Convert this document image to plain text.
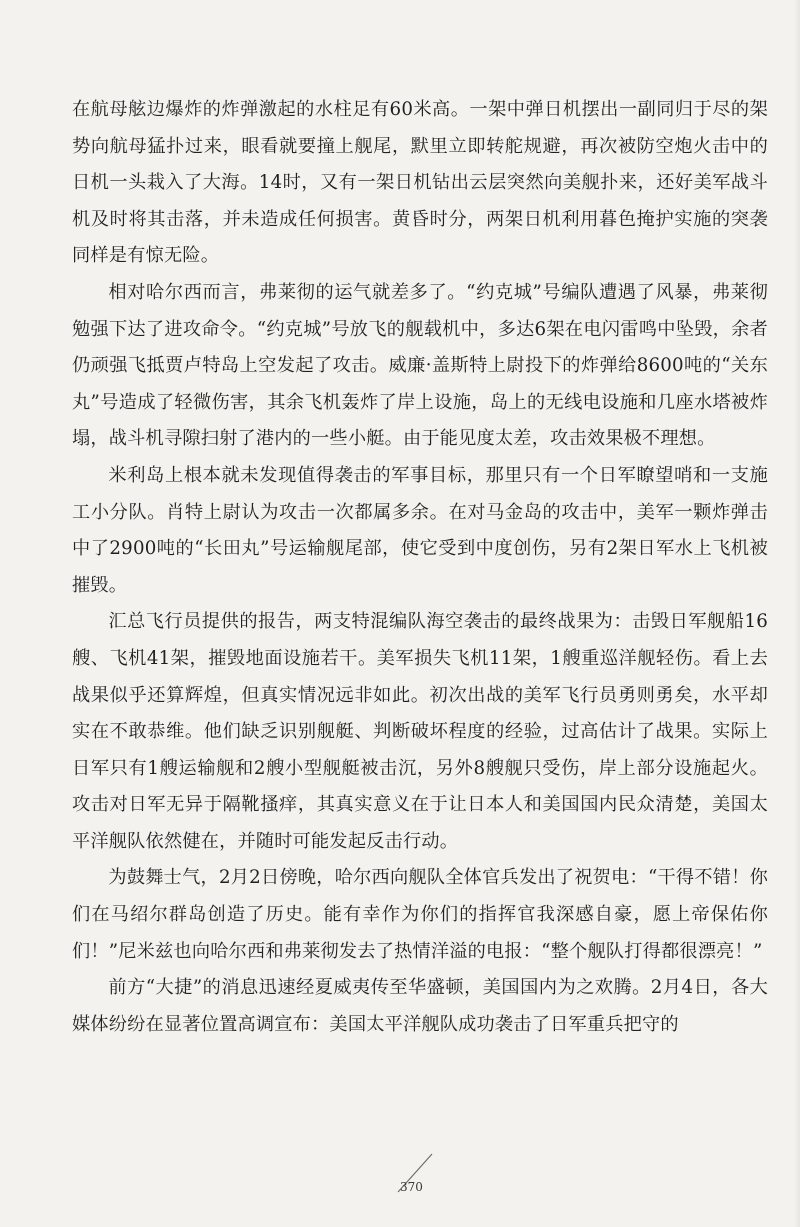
在航母舷边爆炸的炸弹激起的水柱足有60米高。一架中弹日机摆出一副同归于尽的架势向航母猛扑过来，眼看就要撞上舰尾，默里立即转舵规避，再次被防空炮火击中的日机一头栽入了大海。14时，又有一架日机钻出云层突然向美舰扑来，还好美军战斗机及时将其击落，并未造成任何损害。黄昏时分，两架日机利用暮色掩护实施的突袭同样是有惊无险。

相对哈尔西而言，弗莱彻的运气就差多了。“约克城”号编队遭遇了风暴，弗莱彻勉强下达了进攻命令。“约克城”号放飞的舰载机中，多达6架在电闪雷鸣中坠毁，余者仍顽强飞抵贾卢特岛上空发起了攻击。威廉·盖斯特上尉投下的炸弹给8600吨的“关东丸”号造成了轻微伤害，其余飞机轰炸了岸上设施，岛上的无线电设施和几座水塔被炸塌，战斗机寻隙扫射了港内的一些小艇。由于能见度太差，攻击效果极不理想。

米利岛上根本就未发现值得袭击的军事目标，那里只有一个日军瞭望哨和一支施工小分队。肖特上尉认为攻击一次都属多余。在对马金岛的攻击中，美军一颗炸弹击中了2900吨的“长田丸”号运输舰尾部，使它受到中度创伤，另有2架日军水上飞机被摧毁。

汇总飞行员提供的报告，两支特混编队海空袭击的最终战果为：击毁日军舰船16艘、飞机41架，摧毁地面设施若干。美军损失飞机11架，1艘重巡洋舰轻伤。看上去战果似乎还算辉煌，但真实情况远非如此。初次出战的美军飞行员勇则勇矣，水平却实在不敢恭维。他们缺乏识别舰艇、判断破坏程度的经验，过高估计了战果。实际上日军只有1艘运输舰和2艘小型舰艇被击沉，另外8艘舰只受伤，岸上部分设施起火。攻击对日军无异于隔靴搔痒，其真实意义在于让日本人和美国国内民众清楚，美国太平洋舰队依然健在，并随时可能发起反击行动。

为鼓舞士气，2月2日傍晚，哈尔西向舰队全体官兵发出了祝贺电：“干得不错！你们在马绍尔群岛创造了历史。能有幸作为你们的指挥官我深感自豪，愿上帝保佑你们！”尼米兹也向哈尔西和弗莱彻发去了热情洋溢的电报：“整个舰队打得都很漂亮！”

前方“大捷”的消息迅速经夏威夷传至华盛顿，美国国内为之欢腾。2月4日，各大媒体纷纷在显著位置高调宣布：美国太平洋舰队成功袭击了日军重兵把守的

370
